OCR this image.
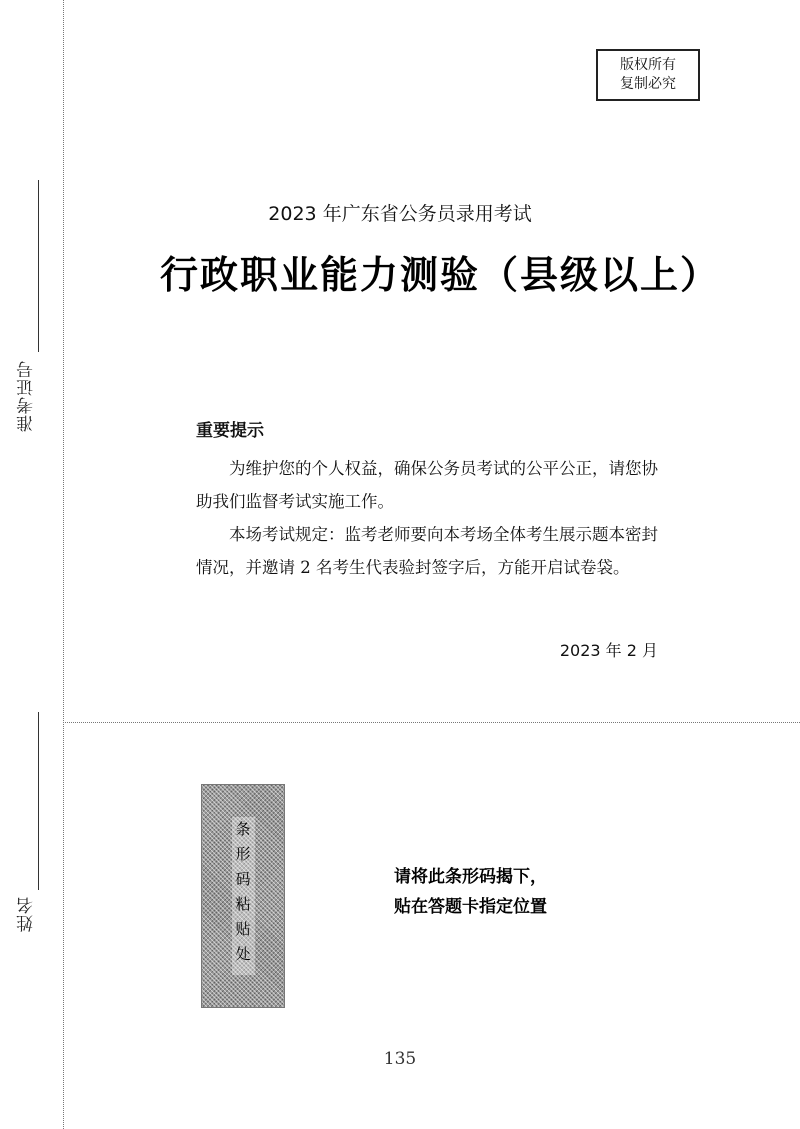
准考证号
姓名
版权所有
复制必究
2023 年广东省公务员录用考试
行政职业能力测验（县级以上）
重要提示

为维护您的个人权益，确保公务员考试的公平公正，请您协助我们监督考试实施工作。

本场考试规定：监考老师要向本考场全体考生展示题本密封情况，并邀请 2 名考生代表验封签字后，方能开启试卷袋。

2023 年 2 月
条形码粘贴处	请将此条形码揭下，
贴在答题卡指定位置
135
